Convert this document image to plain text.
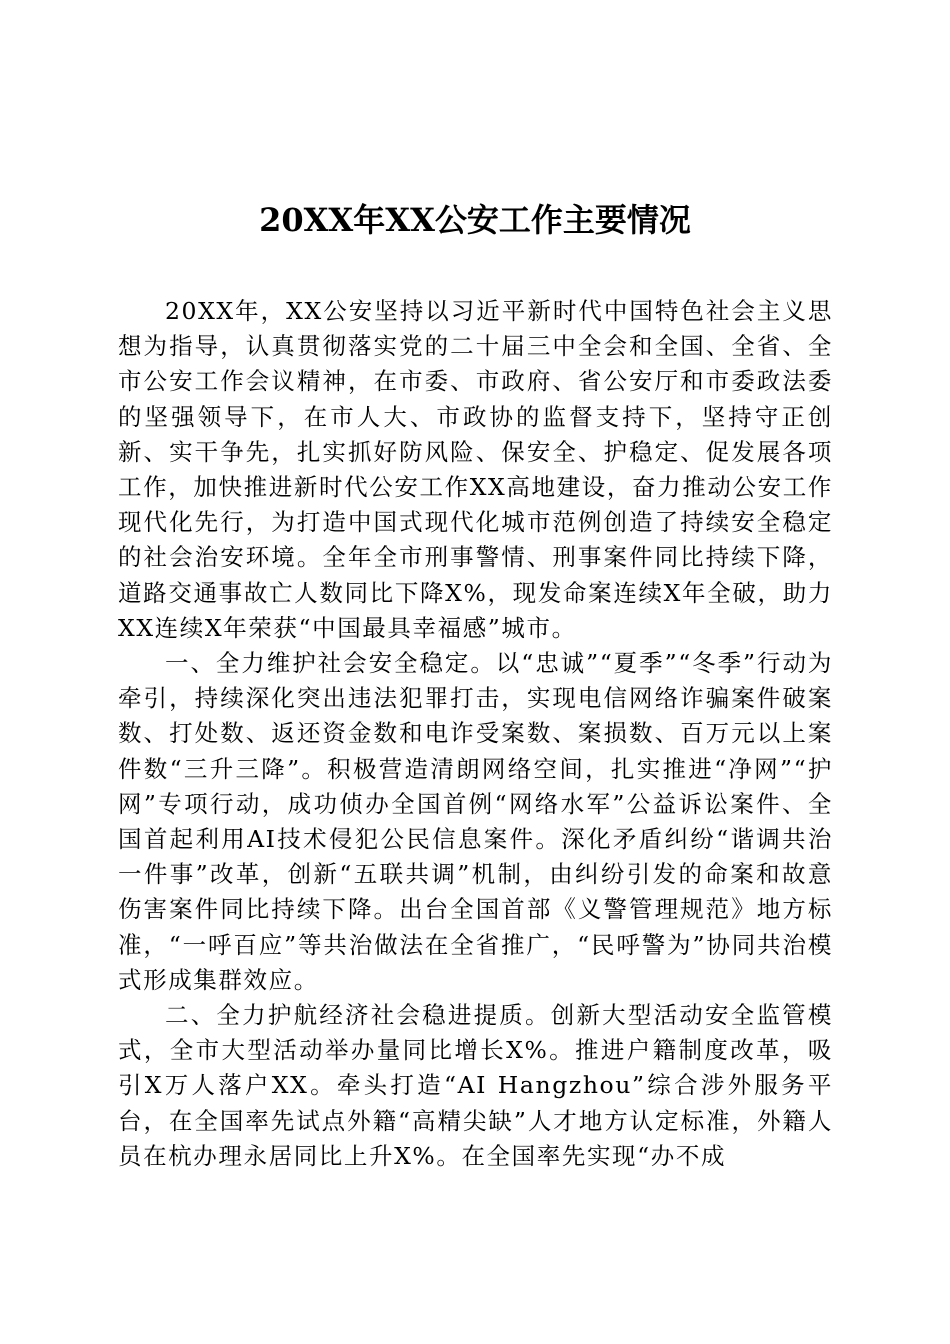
20XX年XX公安工作主要情况

20XX年，XX公安坚持以习近平新时代中国特色社会主义思想为指导，认真贯彻落实党的二十届三中全会和全国、全省、全市公安工作会议精神，在市委、市政府、省公安厅和市委政法委的坚强领导下，在市人大、市政协的监督支持下，坚持守正创新、实干争先，扎实抓好防风险、保安全、护稳定、促发展各项工作，加快推进新时代公安工作XX高地建设，奋力推动公安工作现代化先行，为打造中国式现代化城市范例创造了持续安全稳定的社会治安环境。全年全市刑事警情、刑事案件同比持续下降，道路交通事故亡人数同比下降X%，现发命案连续X年全破，助力XX连续X年荣获“中国最具幸福感”城市。

一、全力维护社会安全稳定。以“忠诚”“夏季”“冬季”行动为牵引，持续深化突出违法犯罪打击，实现电信网络诈骗案件破案数、打处数、返还资金数和电诈受案数、案损数、百万元以上案件数“三升三降”。积极营造清朗网络空间，扎实推进“净网”“护网”专项行动，成功侦办全国首例“网络水军”公益诉讼案件、全国首起利用AI技术侵犯公民信息案件。深化矛盾纠纷“谐调共治一件事”改革，创新“五联共调”机制，由纠纷引发的命案和故意伤害案件同比持续下降。出台全国首部《义警管理规范》地方标准，“一呼百应”等共治做法在全省推广，“民呼警为”协同共治模式形成集群效应。

二、全力护航经济社会稳进提质。创新大型活动安全监管模式，全市大型活动举办量同比增长X%。推进户籍制度改革，吸引X万人落户XX。牵头打造“AI Hangzhou”综合涉外服务平台，在全国率先试点外籍“高精尖缺”人才地方认定标准，外籍人员在杭办理永居同比上升X%。在全国率先实现“办不成
